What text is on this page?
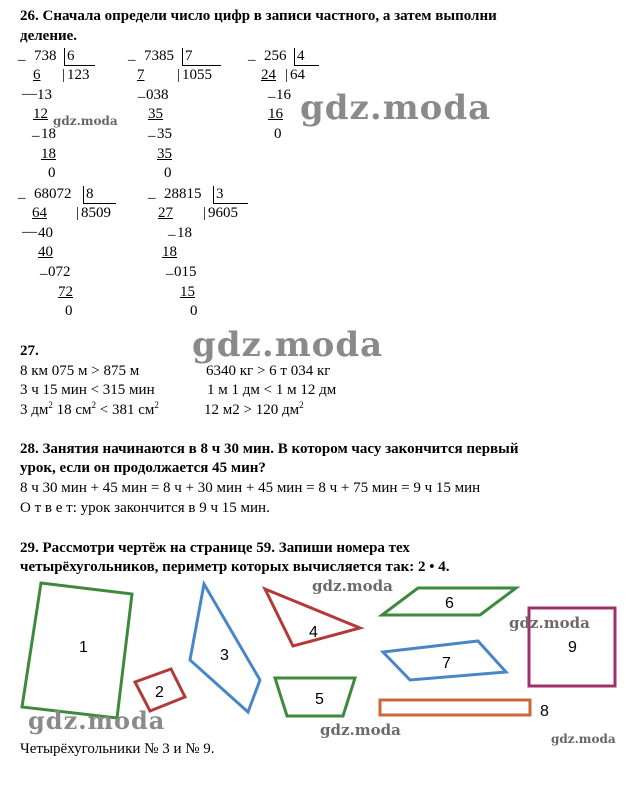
26. Сначала определи число цифр в записи частного, а затем выполни
деление.
_ 738 6
| 123
6
— 13
12
_ 18
18
0
_ 7385 7
| 1055
7
_ 038
35
_ 35
35
0
_ 256 4
| 64
24
_ 16
16
0
_ 68072 8
| 8509
64
— 40
40
_ 072
72
0
_ 28815 3
| 9605
27
_ 18
18
_ 015
15
0
gdz.moda	gdz.moda
gdz.moda
27.
8 км 075 м > 875 м	6340 кг > 6 т 034 кг
3 ч 15 мин < 315 мин	1 м 1 дм < 1 м 12 дм
3 $дм^2$ 18 $см^2 < 381$ $см^2$	12 м2 > 120 $дм^2$
28. Занятия начинаются в 8 ч 30 мин. В котором часу закончится первый
урок, если он продолжается 45 мин?
8 ч 30 мин + 45 мин = 8 ч + 30 мин + 45 мин = 8 ч + 75 мин = 9 ч 15 мин
О т в е т: урок закончится в 9 ч 15 мин.
29. Рассмотри чертёж на странице 59. Запиши номера тех
четырёхугольников, периметр которых вычисляется так: 2 • 4.
1
2
3
4
5
6
7
8
9
gdz.moda
gdz.moda
gdz.moda	gdz.moda	gdz.moda
Четырёхугольники № 3 и № 9.
